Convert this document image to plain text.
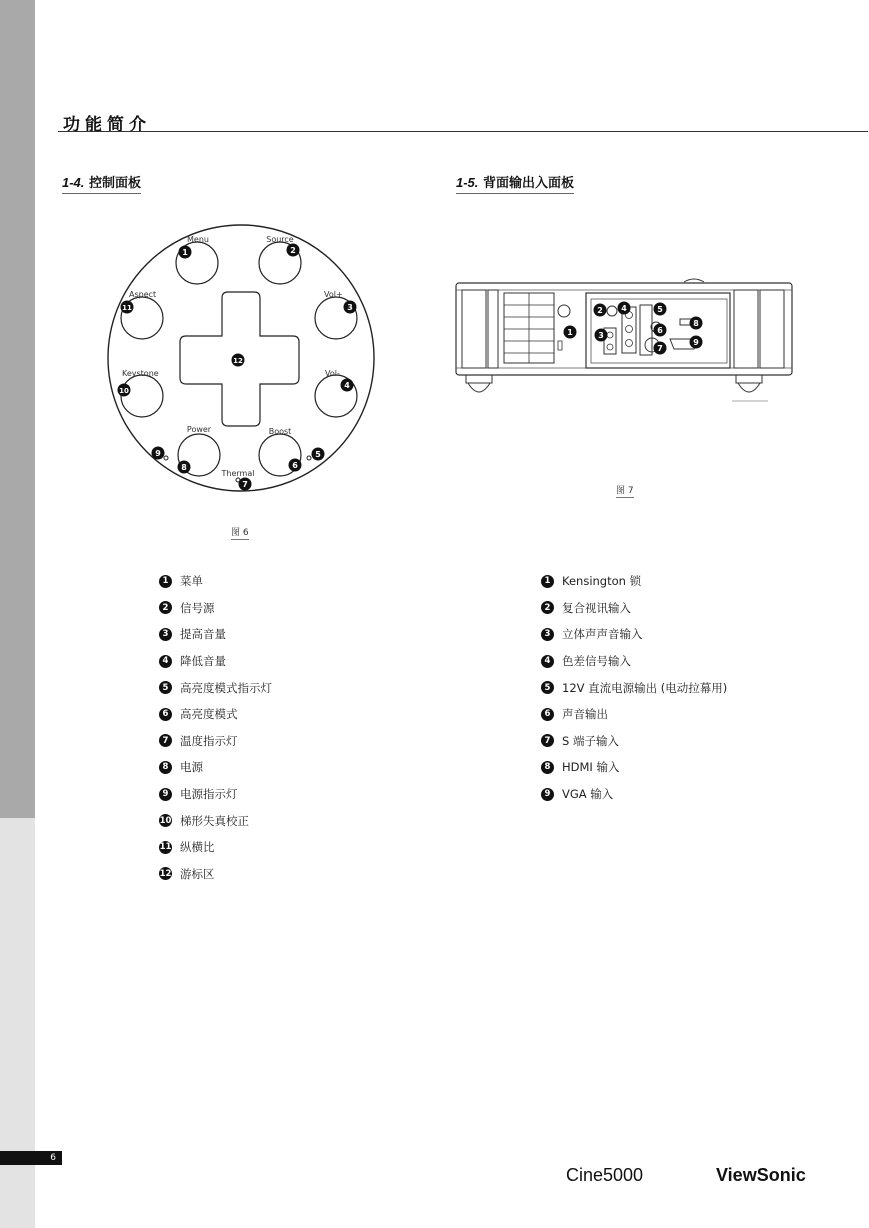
功能简介
1-4. 控制面板	1-5. 背面输出入面板
Menu	Source
Aspect	Vol+
Keystone	Vol-
Power	Boost
Thermal
1	2
11	3
12
10
4
9
8	6
5
7
图 6
2 4	5
1	3
6
8
7
9
图 7
1	菜单
2	信号源
3	提高音量
4	降低音量
5	高亮度模式指示灯
6	高亮度模式
7	温度指示灯
8	电源
9	电源指示灯
10 梯形失真校正
11 纵横比
12 游标区
1	Kensington 锁
2	复合视讯输入
3	立体声声音输入
4	色差信号输入
5	12V 直流电源输出 (电动拉幕用)
6	声音输出
7	S 端子输入
8	HDMI 输入
9	VGA 输入
6
Cine5000	ViewSonic
